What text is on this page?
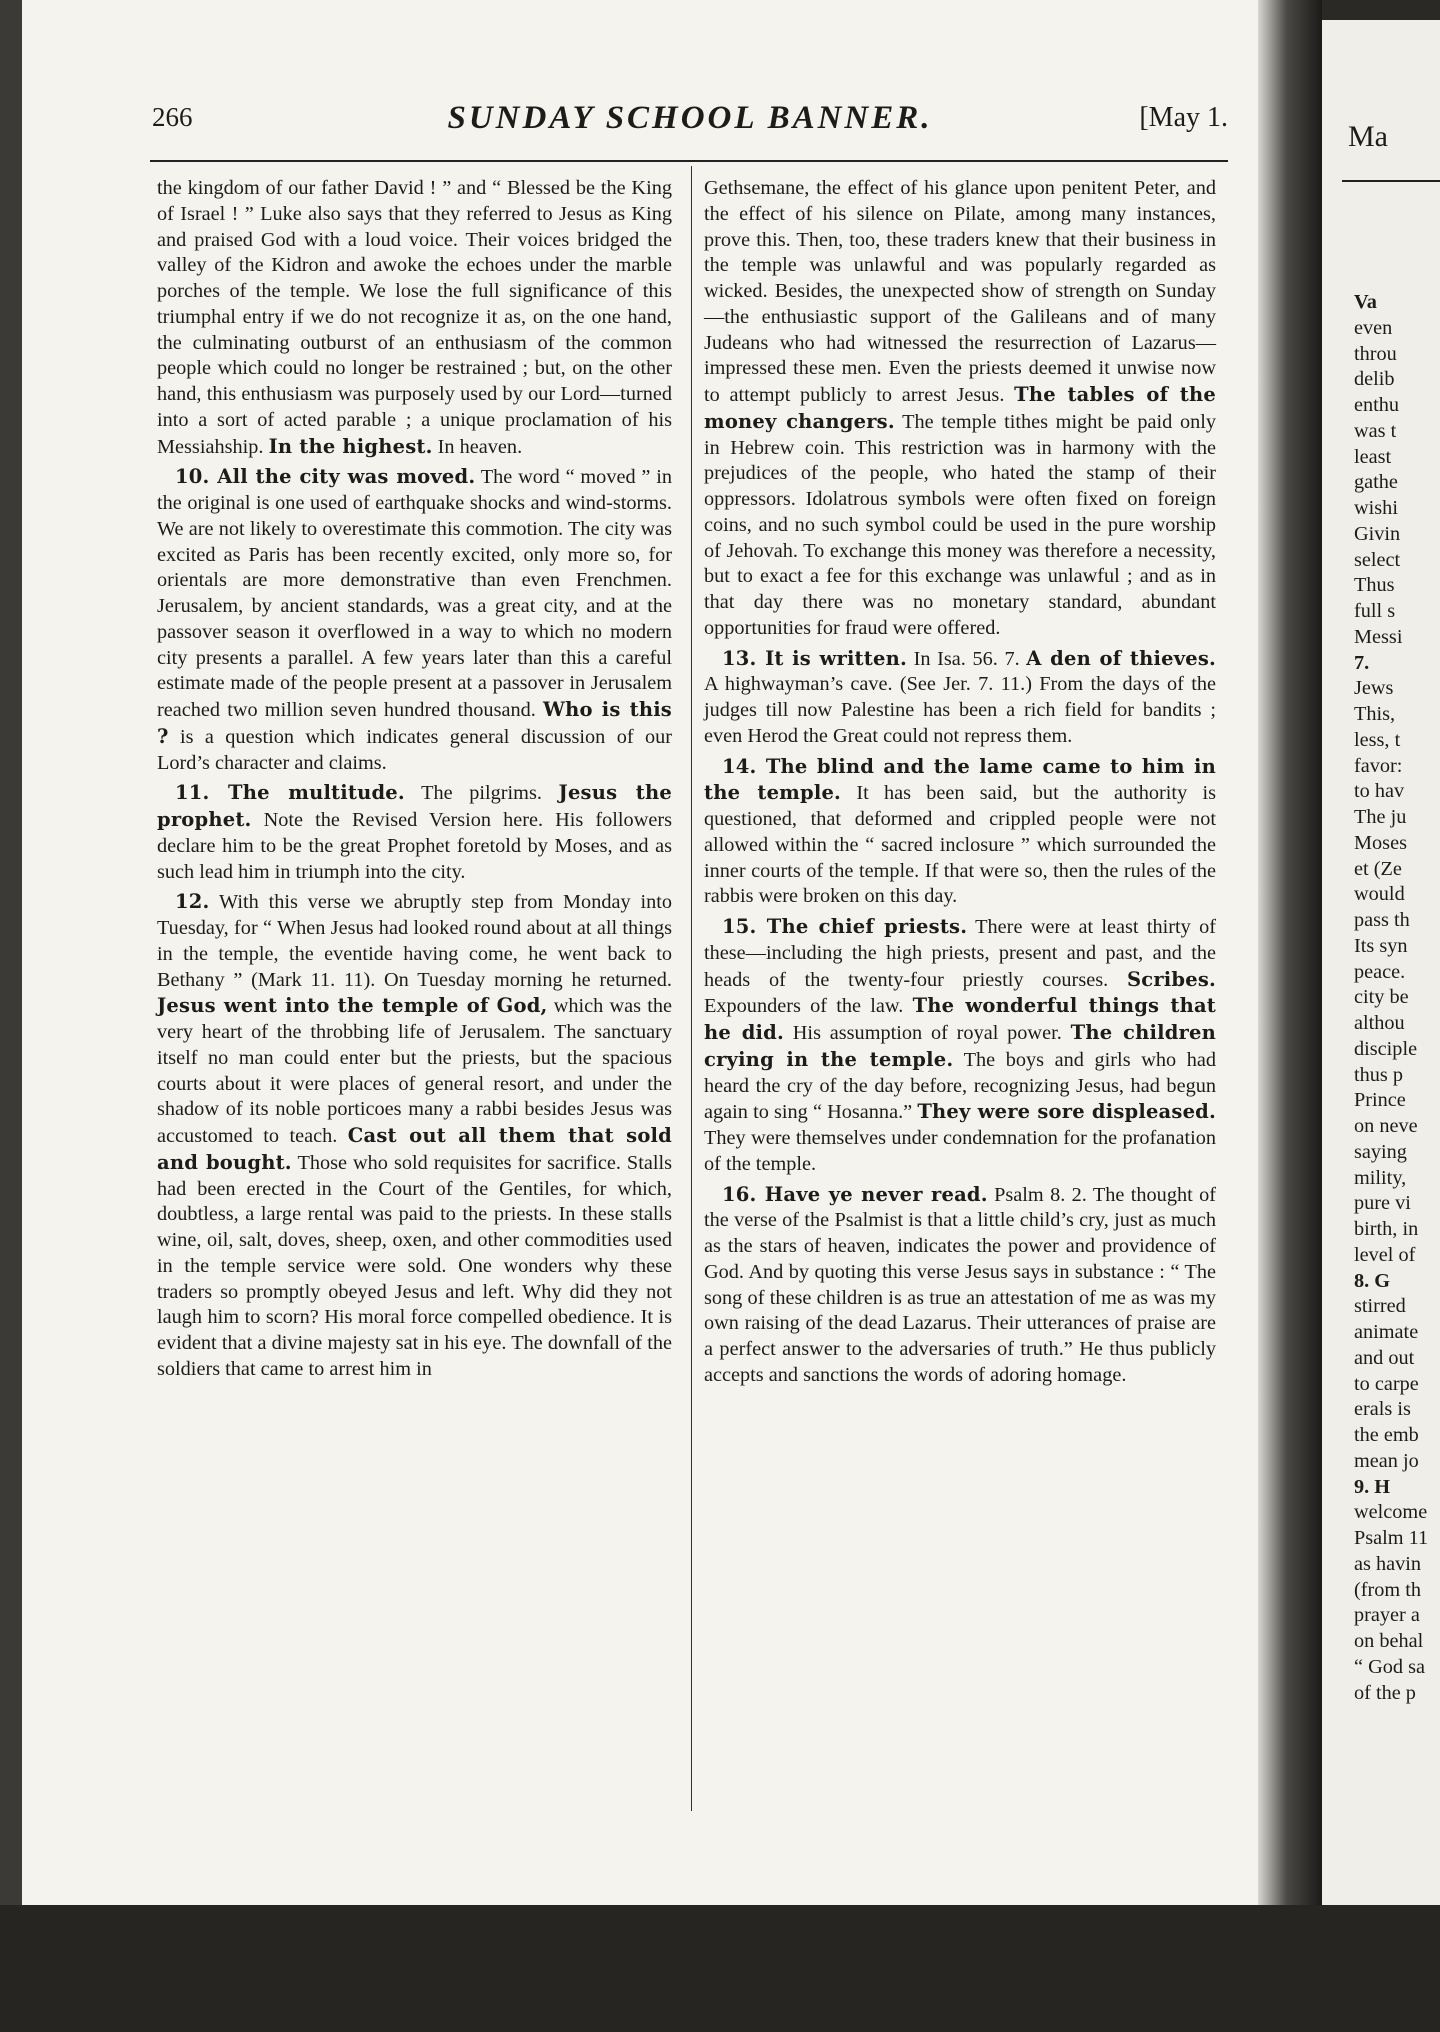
266	SUNDAY SCHOOL BANNER.	[May 1.

the kingdom of our father David ! ” and “ Blessed be the King of Israel ! ” Luke also says that they referred to Jesus as King and praised God with a loud voice. Their voices bridged the valley of the Kidron and awoke the echoes under the marble porches of the temple. We lose the full significance of this triumphal entry if we do not recognize it as, on the one hand, the culminating outburst of an enthusiasm of the common people which could no longer be restrained ; but, on the other hand, this enthusiasm was purposely used by our Lord—turned into a sort of acted parable ; a unique proclamation of his Messiahship. In the highest. In heaven.

10. All the city was moved. The word “ moved ” in the original is one used of earthquake shocks and wind-storms. We are not likely to overestimate this commotion. The city was excited as Paris has been recently excited, only more so, for orientals are more demonstrative than even Frenchmen. Jerusalem, by ancient standards, was a great city, and at the passover season it overflowed in a way to which no modern city presents a parallel. A few years later than this a careful estimate made of the people present at a passover in Jerusalem reached two million seven hundred thousand. Who is this ? is a question which indicates general discussion of our Lord’s character and claims.

11. The multitude. The pilgrims. Jesus the prophet. Note the Revised Version here. His followers declare him to be the great Prophet foretold by Moses, and as such lead him in triumph into the city.

12. With this verse we abruptly step from Monday into Tuesday, for “ When Jesus had looked round about at all things in the temple, the eventide having come, he went back to Bethany ” (Mark 11. 11). On Tuesday morning he returned. Jesus went into the temple of God, which was the very heart of the throbbing life of Jerusalem. The sanctuary itself no man could enter but the priests, but the spacious courts about it were places of general resort, and under the shadow of its noble porticoes many a rabbi besides Jesus was accustomed to teach. Cast out all them that sold and bought. Those who sold requisites for sacrifice. Stalls had been erected in the Court of the Gentiles, for which, doubtless, a large rental was paid to the priests. In these stalls wine, oil, salt, doves, sheep, oxen, and other commodities used in the temple service were sold. One wonders why these traders so promptly obeyed Jesus and left. Why did they not laugh him to scorn? His moral force compelled obedience. It is evident that a divine majesty sat in his eye. The downfall of the soldiers that came to arrest him in

Gethsemane, the effect of his glance upon penitent Peter, and the effect of his silence on Pilate, among many instances, prove this. Then, too, these traders knew that their business in the temple was unlawful and was popularly regarded as wicked. Besides, the unexpected show of strength on Sunday—the enthusiastic support of the Galileans and of many Judeans who had witnessed the resurrection of Lazarus—impressed these men. Even the priests deemed it unwise now to attempt publicly to arrest Jesus. The tables of the money changers. The temple tithes might be paid only in Hebrew coin. This restriction was in harmony with the prejudices of the people, who hated the stamp of their oppressors. Idolatrous symbols were often fixed on foreign coins, and no such symbol could be used in the pure worship of Jehovah. To exchange this money was therefore a necessity, but to exact a fee for this exchange was unlawful ; and as in that day there was no monetary standard, abundant opportunities for fraud were offered.

13. It is written. In Isa. 56. 7. A den of thieves. A highwayman’s cave. (See Jer. 7. 11.) From the days of the judges till now Palestine has been a rich field for bandits ; even Herod the Great could not repress them.

14. The blind and the lame came to him in the temple. It has been said, but the authority is questioned, that deformed and crippled people were not allowed within the “ sacred inclosure ” which surrounded the inner courts of the temple. If that were so, then the rules of the rabbis were broken on this day.

15. The chief priests. There were at least thirty of these—including the high priests, present and past, and the heads of the twenty-four priestly courses. Scribes. Expounders of the law. The wonderful things that he did. His assumption of royal power. The children crying in the temple. The boys and girls who had heard the cry of the day before, recognizing Jesus, had begun again to sing “ Hosanna.” They were sore displeased. They were themselves under condemnation for the profanation of the temple.

16. Have ye never read. Psalm 8. 2. The thought of the verse of the Psalmist is that a little child’s cry, just as much as the stars of heaven, indicates the power and providence of God. And by quoting this verse Jesus says in substance : “ The song of these children is as true an attestation of me as was my own raising of the dead Lazarus. Their utterances of praise are a perfect answer to the adversaries of truth.” He thus publicly accepts and sanctions the words of adoring homage.

Ma
Va
even
throu
delib
enthu
was t
least
gathe
wishi
Givin
select
Thus
full s
Messi
7.
Jews
This,
less, t
favor:
to hav
The ju
Moses
et (Ze
would
pass th
Its syn
peace.
city be
althou
disciple
thus p
Prince
on neve
saying
mility,
pure vi
birth, in
level of
8. G
stirred
animate
and out
to carpe
erals is
the emb
mean jo
9. H
welcome
Psalm 11
as havin
(from th
prayer a
on behal
“ God sa
of the p
